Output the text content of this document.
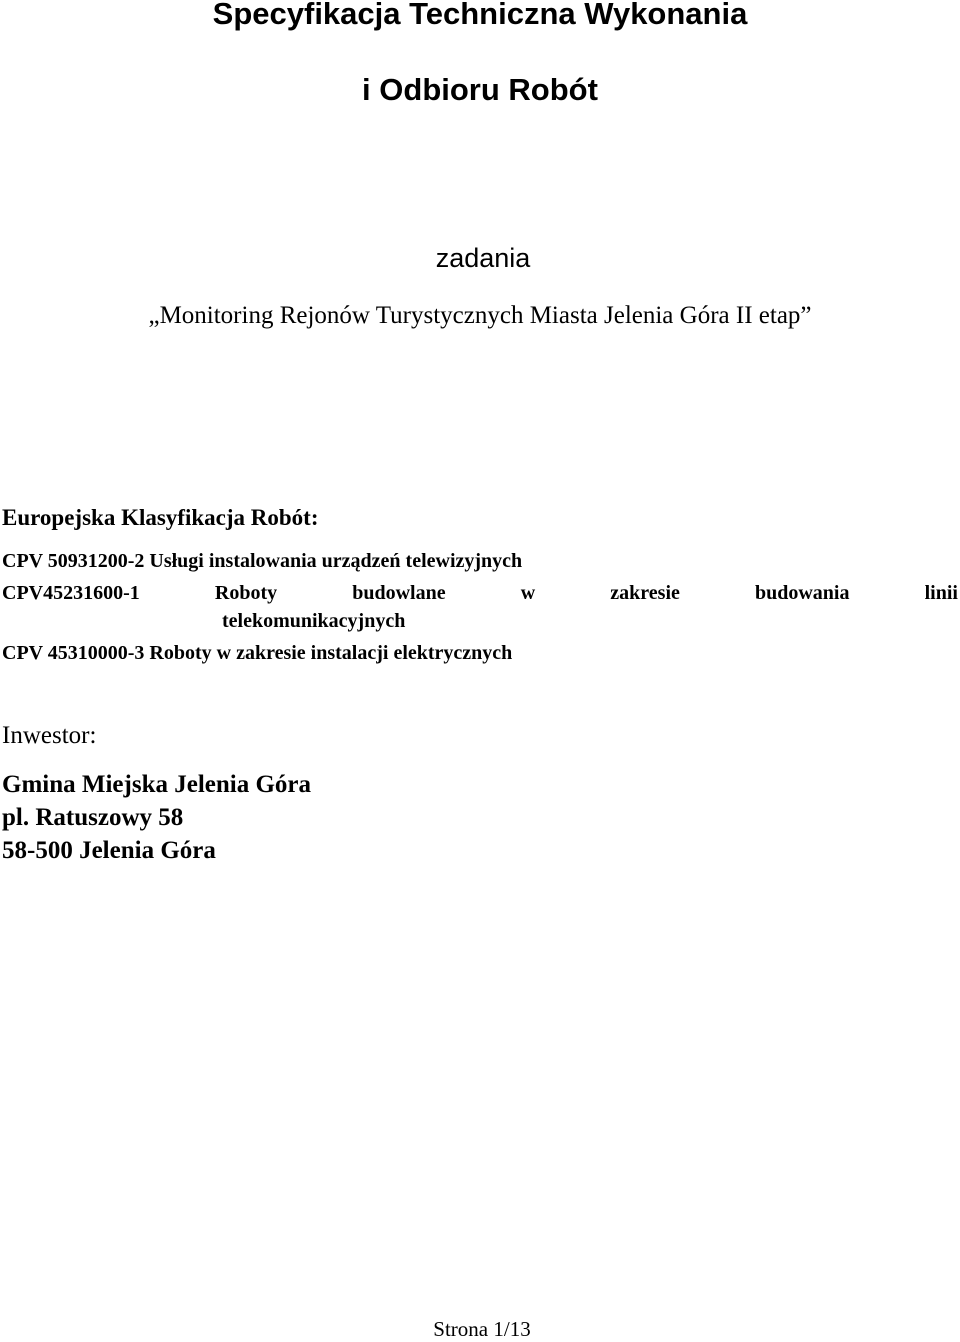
Specyfikacja Techniczna Wykonania
i Odbioru Robót
zadania
„Monitoring Rejonów Turystycznych Miasta Jelenia Góra II etap”
Europejska Klasyfikacja Robót:
CPV 50931200-2 Usługi instalowania urządzeń telewizyjnych
CPV45231600-1	Roboty	budowlane	w	zakresie	budowania	linii
telekomunikacyjnych
CPV 45310000-3 Roboty w zakresie instalacji elektrycznych
Inwestor:
Gmina Miejska Jelenia Góra
pl. Ratuszowy 58
58-500 Jelenia Góra
Strona 1/13
